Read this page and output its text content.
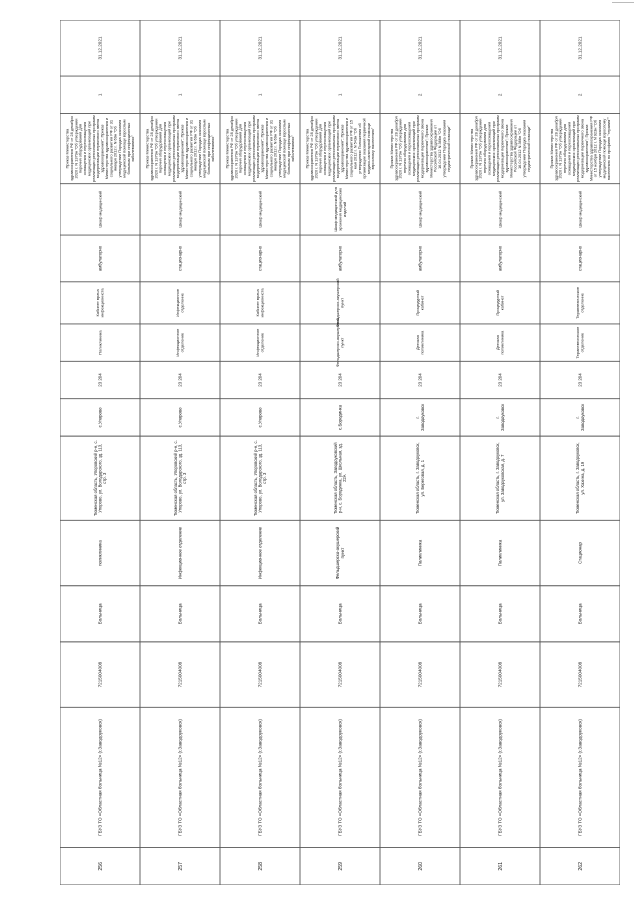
256
ГБУЗ ТО «Областная больница №12» (г.Заводоуковск)
7215004008
Больница
поликлиника
Тюменская область, Упоровский р-н, с. Упорово, ул. Володарского, зд. 113, стр. 3
с.Упорово
23 204
Поликлиника
Кабинет врача инфекциониста
амбулаторно
Шкаф медицинский
Приказ Министерства здравоохранения РФ от 28 декабря 2020 г. N 1379н "Об утверждении перечня оборудования для оснащения и переоснащения медицинских организаций при реализации региональных программ модернизации первичного звена здравоохранения"; Приказ Министерства здравоохранения и социального развития РФ от 31 января 2012 г. N 69н "Об утверждении Порядка оказания медицинской помощи взрослым больным при инфекционных заболеваниях"
1
31.12.2021
257
ГБУЗ ТО «Областная больница №12» (г.Заводоуковск)
7215004008
Больница
Инфекционное отделение
Тюменская область, Упоровский р-н, с. Упорово, ул. Володарского, зд. 113, стр. 3
с.Упорово
23 204
Инфекционное отделение
Инфекционное отделение
стационарно
Шкаф медицинский
Приказ Министерства здравоохранения РФ от 28 декабря 2020 г. N 1379н "Об утверждении перечня оборудования для оснащения и переоснащения медицинских организаций при реализации региональных программ модернизации первичного звена здравоохранения"; Приказ Министерства здравоохранения и социального развития РФ от 31 января 2012 г. N 69н "Об утверждении Порядка оказания медицинской помощи взрослым больным при инфекционных заболеваниях"
1
31.12.2021
258
ГБУЗ ТО «Областная больница №12» (г.Заводоуковск)
7215004008
Больница
Инфекционное отделение
Тюменская область, Упоровский р-н, с. Упорово, ул. Володарского, зд. 113, стр. 3
с.Упорово
23 204
Инфекционное отделение
Кабинет врача инфекциониста
стационарно
Шкаф медицинский
Приказ Министерства здравоохранения РФ от 28 декабря 2020 г. N 1379н "Об утверждении перечня оборудования для оснащения и переоснащения медицинских организаций при реализации региональных программ модернизации первичного звена здравоохранения"; Приказ Министерства здравоохранения и социального развития РФ от 31 января 2012 г. N 69н "Об утверждении Порядка оказания медицинской помощи взрослым больным при инфекционных заболеваниях"
1
31.12.2021
259
ГБУЗ ТО «Областная больница №12» (г.Заводоуковск)
7215004008
Больница
Фельдшерско-акушерский пункт
Тюменская область, Заводоуковский р-н, с. Бородинка, ул. Школьная, зд. 22А
с.Бородинка
23 204
Фельдшерско-акушерский пункт
Фельдшерско-акушерский пункт
амбулаторно
Шкаф медицинский для хранения медицинских изделий
Приказ Министерства здравоохранения РФ от 28 декабря 2020 г. N 1379н "Об утверждении перечня оборудования для оснащения и переоснащения медицинских организаций при реализации региональных программ модернизации первичного звена здравоохранения"; Приказ Министерства здравоохранения и социального развития РФ от 15 мая 2012 г. N 543н "Об утверждении Положения об организации оказания первичной медико-санитарной помощи взрослому населению"
1
31.12.2021
260
ГБУЗ ТО «Областная больница №12» (г.Заводоуковск)
7215004008
Больница
Поликлиника
Тюменская область, г. Заводоуковск, ул. Береговая, д. 1
г. Заводоуковск
23 204
Детская поликлиника
Процедурный кабинет
амбулаторно
Шкаф медицинский
Приказ Министерства здравоохранения РФ от 28 декабря 2020 г. N 1379н "Об утверждении перечня оборудования для оснащения и переоснащения медицинских организаций при реализации региональных программ модернизации первичного звена здравоохранения"; Приказ Министерства здравоохранения Российской Федерации от 16.04.2012 N 366н "Об утверждении Порядка оказания педиатрической помощи"
2
31.12.2021
261
ГБУЗ ТО «Областная больница №12» (г.Заводоуковск)
7215004008
Больница
Поликлиника
Тюменская область, г. Заводоуковск, ул. Заводоуковская, д. 7
г. Заводоуковск
23 204
Детская поликлиника
Процедурный кабинет
амбулаторно
Шкаф медицинский
Приказ Министерства здравоохранения РФ от 28 декабря 2020 г. N 1379н "Об утверждении перечня оборудования для оснащения и переоснащения медицинских организаций при реализации региональных программ модернизации первичного звена здравоохранения"; Приказ Министерства здравоохранения Российской Федерации от 16.04.2012 N 366н "Об утверждении Порядка оказания педиатрической помощи"
2
31.12.2021
262
ГБУЗ ТО «Областная больница №12» (г.Заводоуковск)
7215004008
Больница
Стационар
Тюменская область, г. Заводоуковск, ул. Хахина, д. 19
г. Заводоуковск
23 204
Терапевтическое отделение
Терапевтическое отделение
стационарно
Шкаф медицинский
Приказ Министерства здравоохранения РФ от 28 декабря 2020 г. N 1379н "Об утверждении перечня оборудования для оснащения и переоснащения медицинских организаций при реализации региональных программ модернизации первичного звена здравоохранения"; Приказ Министерства здравоохранения РФ от 15 ноября 2012 г. N 923н "Об утверждении Порядка оказания медицинской помощи взрослому населению по профилю "терапия""
2
31.12.2021
